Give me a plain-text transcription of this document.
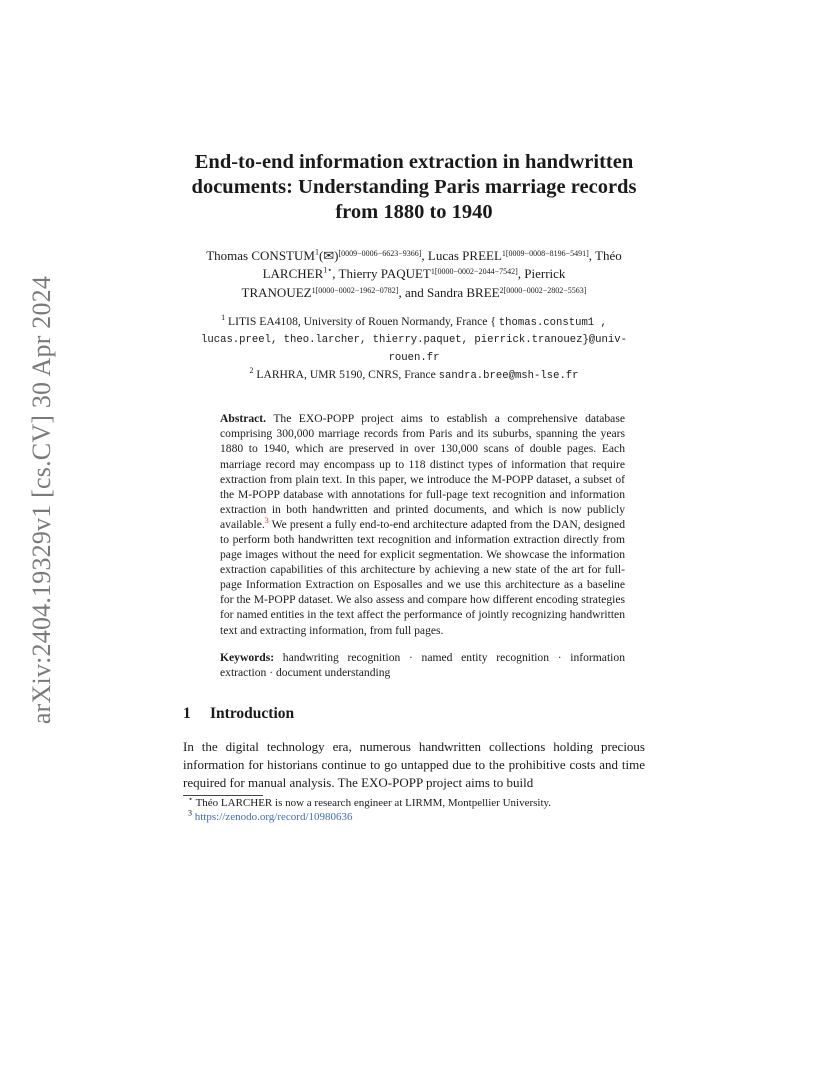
arXiv:2404.19329v1 [cs.CV] 30 Apr 2024
End-to-end information extraction in handwritten documents: Understanding Paris marriage records from 1880 to 1940
Thomas CONSTUM$^1$(✉)[0009−0006−6623−9366], Lucas $PREEL^{1[0009-0008-8196-5491]}$, Théo $LARCHER^{1⋆}$, Thierry $PAQUET^{1[0000-0002-2044-7542]}$, Pierrick $TRANOUEZ^{1[0000-0002-1962-0782]}$, and Sandra $BREE^{2[0000-0002-2802-5563]}$
$^1$ LITIS EA4108, University of Rouen Normandy, France { thomas.constum1 , lucas.preel, theo.larcher, thierry.paquet, pierrick.tranouez}@univ-rouen.fr
$^2$ LARHRA, UMR 5190, CNRS, France sandra.bree@msh-lse.fr
Abstract. The EXO-POPP project aims to establish a comprehensive database comprising 300,000 marriage records from Paris and its suburbs, spanning the years 1880 to 1940, which are preserved in over 130,000 scans of double pages. Each marriage record may encompass up to 118 distinct types of information that require extraction from plain text. In this paper, we introduce the M-POPP dataset, a subset of the M-POPP database with annotations for full-page text recognition and information extraction in both handwritten and printed documents, and which is now publicly available.$^3$ We present a fully end-to-end architecture adapted from the DAN, designed to perform both handwritten text recognition and information extraction directly from page images without the need for explicit segmentation. We showcase the information extraction capabilities of this architecture by achieving a new state of the art for full-page Information Extraction on Esposalles and we use this architecture as a baseline for the M-POPP dataset. We also assess and compare how different encoding strategies for named entities in the text affect the performance of jointly recognizing handwritten text and extracting information, from full pages.
Keywords: handwriting recognition · named entity recognition · information extraction · document understanding
1 Introduction
In the digital technology era, numerous handwritten collections holding precious information for historians continue to go untapped due to the prohibitive costs and time required for manual analysis. The EXO-POPP project aims to build
⋆ Théo LARCHER is now a research engineer at LIRMM, Montpellier University.
$^3$ https://zenodo.org/record/10980636
